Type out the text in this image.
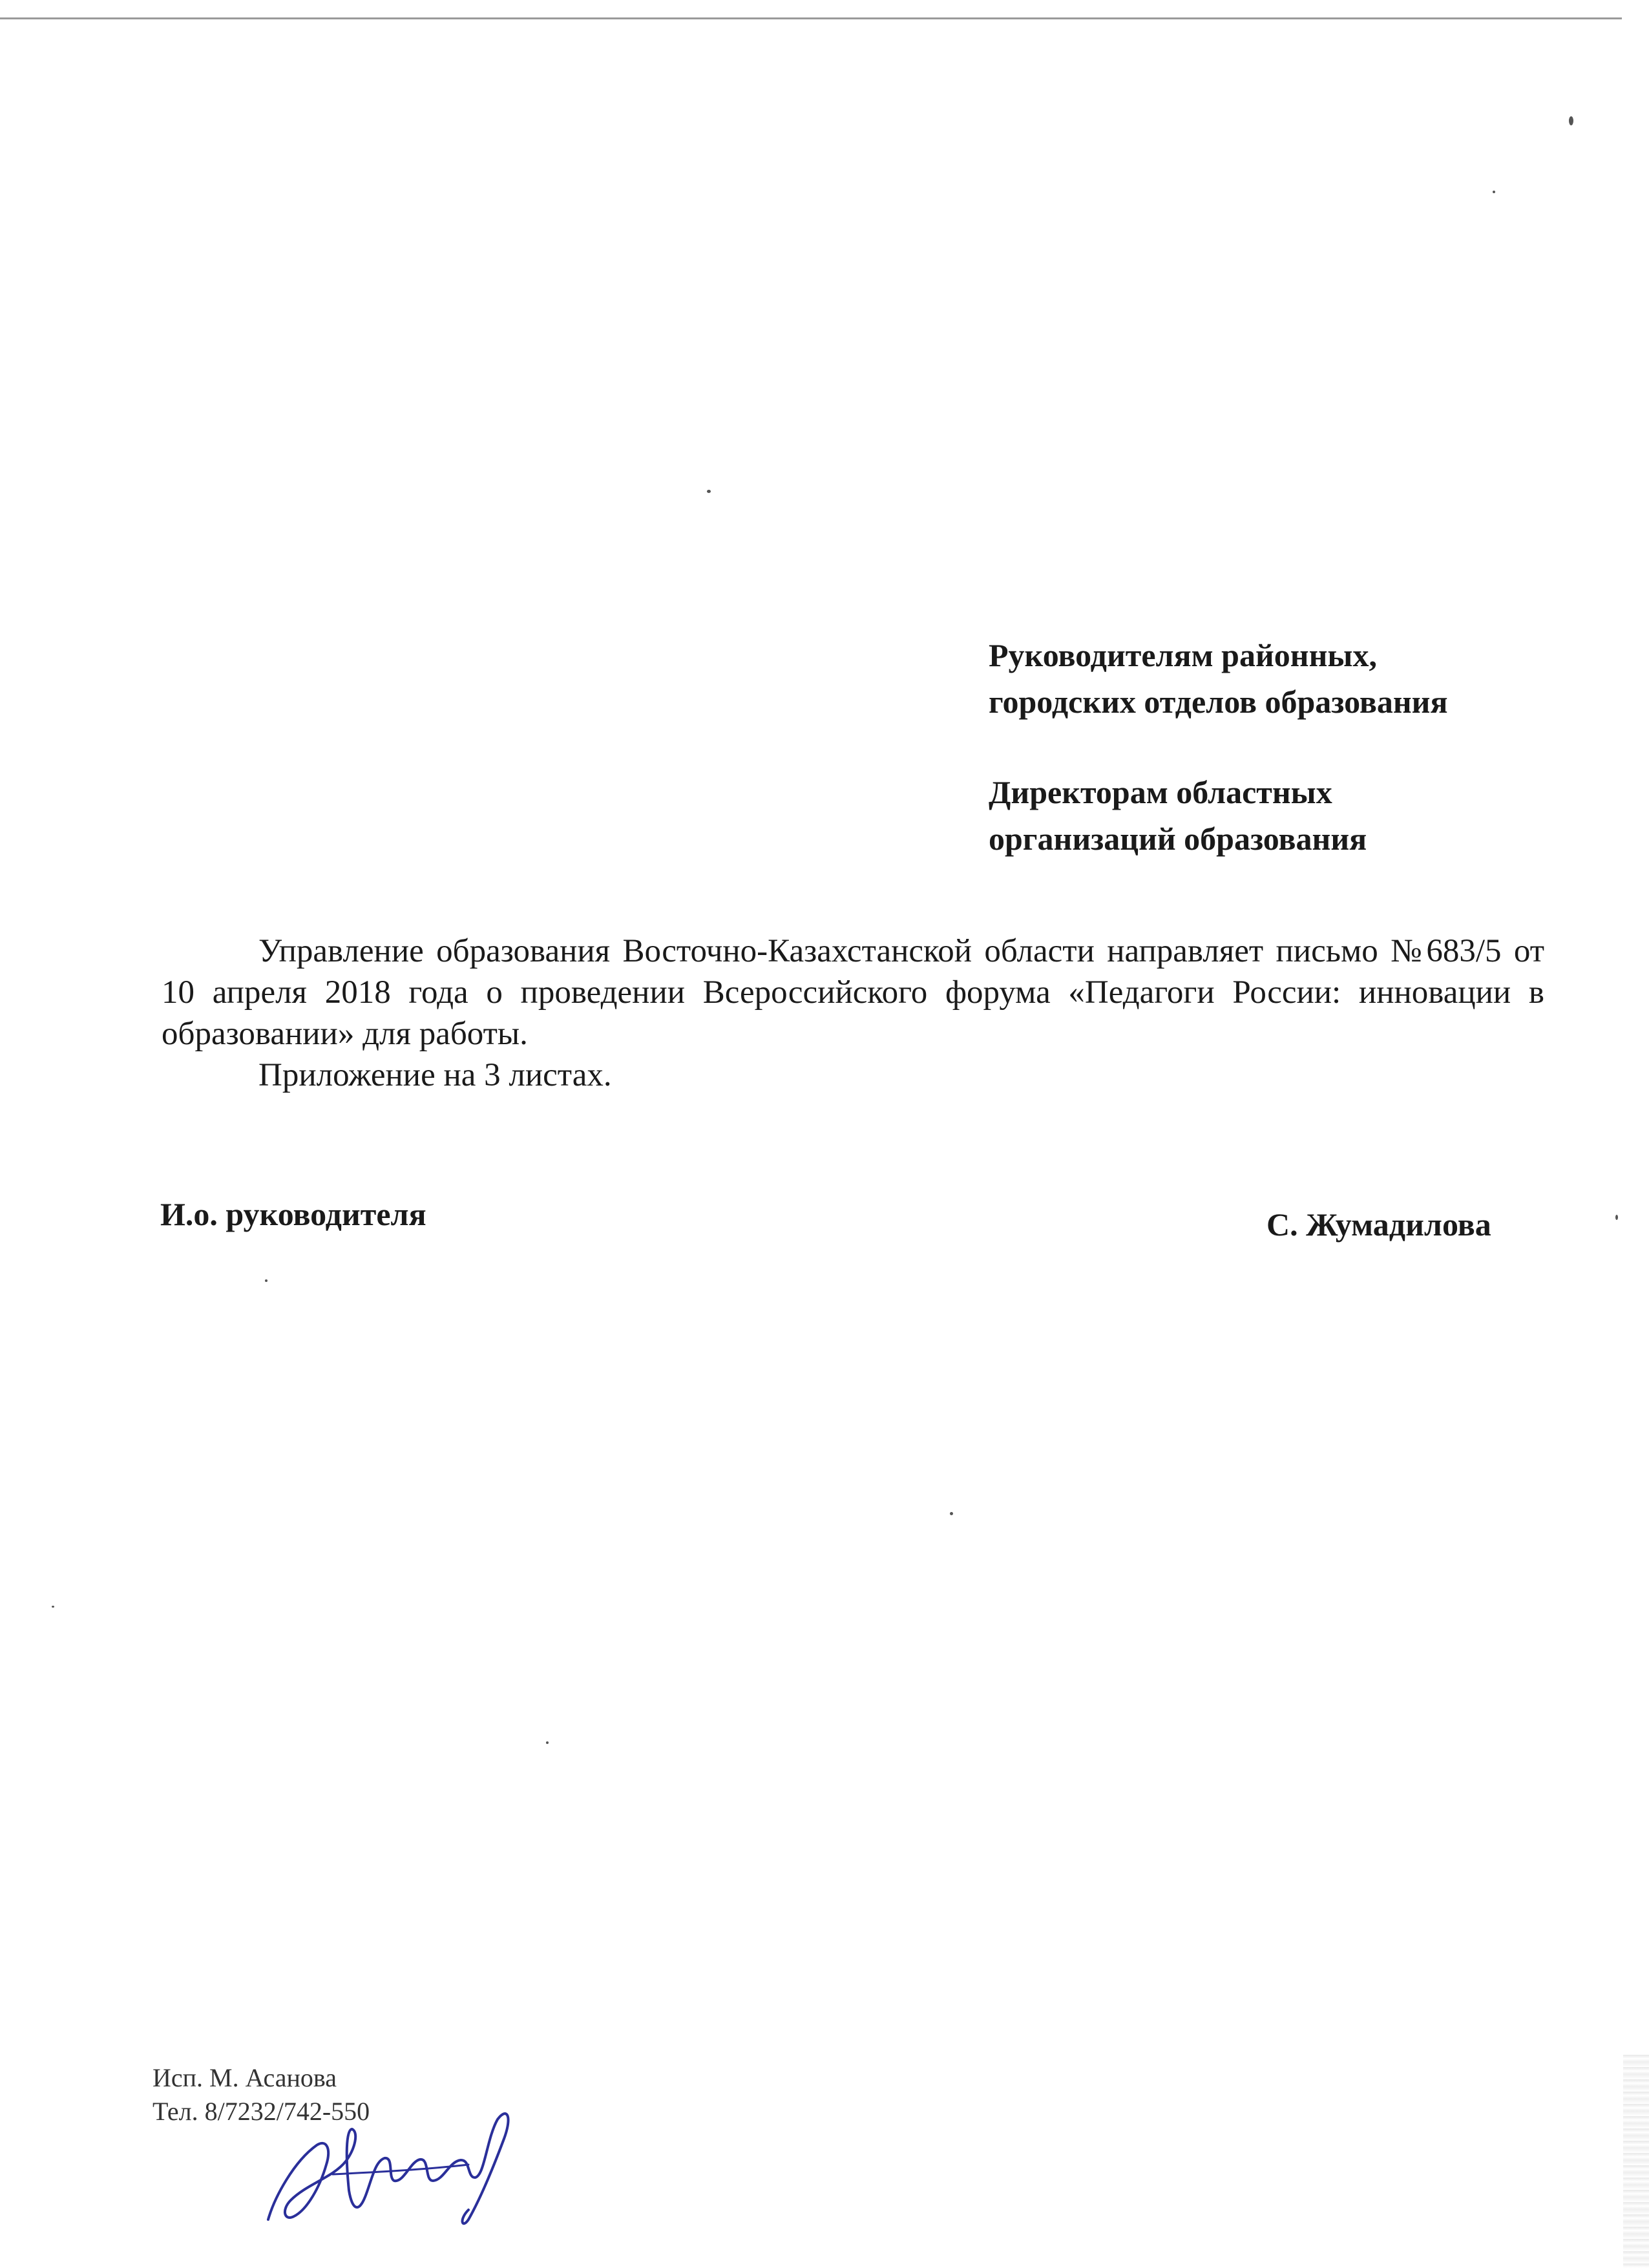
Руководителям районных,
городских отделов образования
Директорам областных
организаций образования

Управление образования Восточно-Казахстанской области направляет письмо №683/5 от 10 апреля 2018 года о проведении Всероссийского форума «Педагоги России: инновации в образовании» для работы.

Приложение на 3 листах.

И.о. руководителя	С. Жумадилова
Исп. М. Асанова
Тел. 8/7232/742-550
